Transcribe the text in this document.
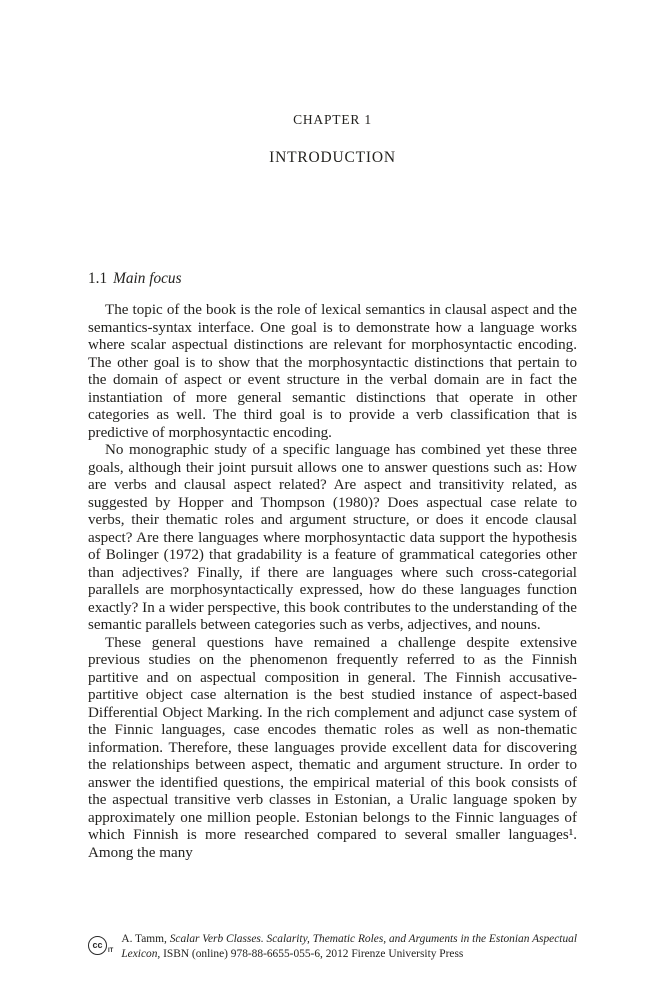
CHAPTER 1
INTRODUCTION
1.1 Main focus

The topic of the book is the role of lexical semantics in clausal aspect and the semantics-syntax interface. One goal is to demonstrate how a language works where scalar aspectual distinctions are relevant for morphosyntactic encoding. The other goal is to show that the morphosyntactic distinctions that pertain to the domain of aspect or event structure in the verbal domain are in fact the instantiation of more general semantic distinctions that operate in other categories as well. The third goal is to provide a verb classification that is predictive of morphosyntactic encoding.

No monographic study of a specific language has combined yet these three goals, although their joint pursuit allows one to answer questions such as: How are verbs and clausal aspect related? Are aspect and transitivity related, as suggested by Hopper and Thompson (1980)? Does aspectual case relate to verbs, their thematic roles and argument structure, or does it encode clausal aspect? Are there languages where morphosyntactic data support the hypothesis of Bolinger (1972) that gradability is a feature of grammatical categories other than adjectives? Finally, if there are languages where such cross-categorial parallels are morphosyntactically expressed, how do these languages function exactly? In a wider perspective, this book contributes to the understanding of the semantic parallels between categories such as verbs, adjectives, and nouns.

These general questions have remained a challenge despite extensive previous studies on the phenomenon frequently referred to as the Finnish partitive and on aspectual composition in general. The Finnish accusative-partitive object case alternation is the best studied instance of aspect-based Differential Object Marking. In the rich complement and adjunct case system of the Finnic languages, case encodes thematic roles as well as non-thematic information. Therefore, these languages provide excellent data for discovering the relationships between aspect, thematic and argument structure. In order to answer the identified questions, the empirical material of this book consists of the aspectual transitive verb classes in Estonian, a Uralic language spoken by approximately one million people. Estonian belongs to the Finnic languages of which Finnish is more researched compared to several smaller languages¹. Among the many

cc
IT
A. Tamm, Scalar Verb Classes. Scalarity, Thematic Roles, and Arguments in the Estonian Aspectual Lexicon, ISBN (online) 978-88-6655-055-6, 2012 Firenze University Press
